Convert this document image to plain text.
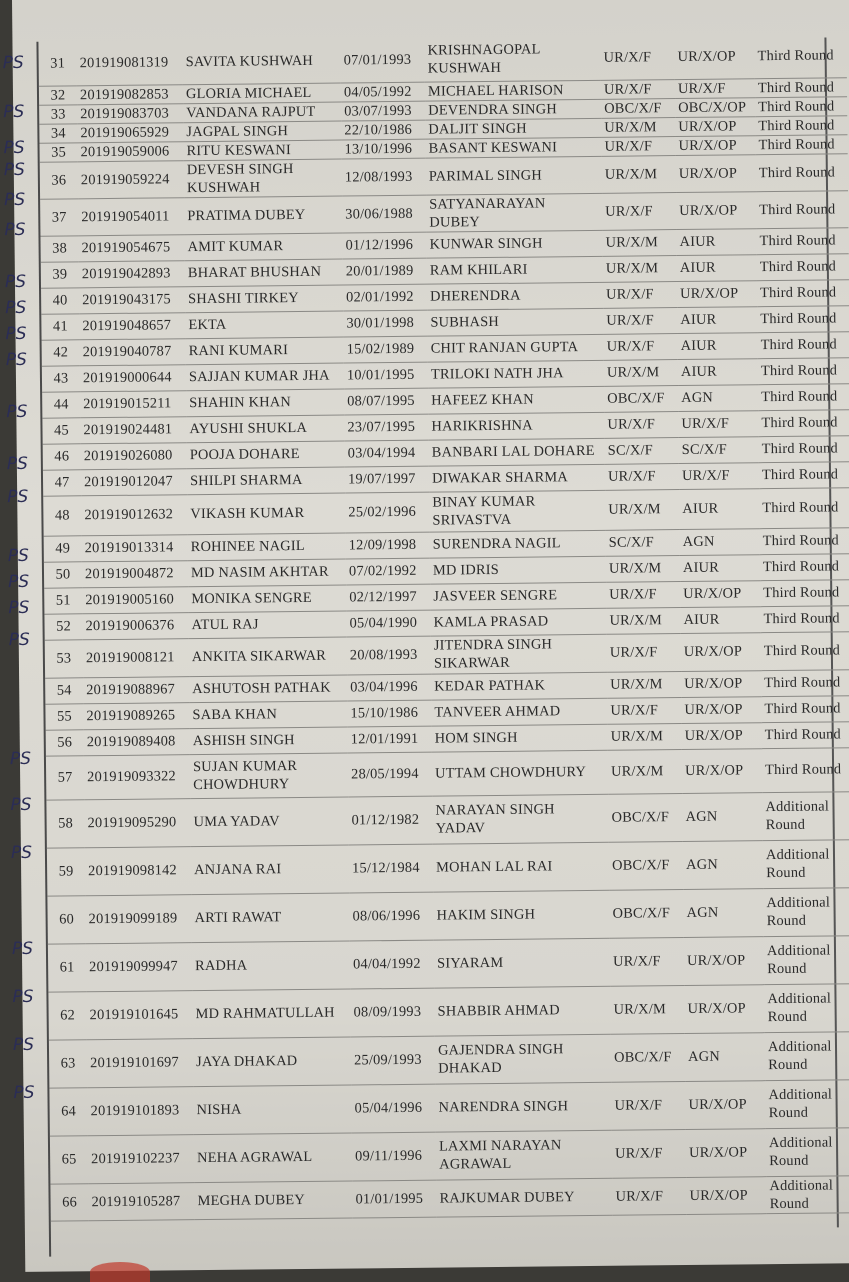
31	201919081319	SAVITA KUSHWAH	07/01/1993	KRISHNAGOPAL KUSHWAH	UR/X/F	UR/X/OP	Third Round
32	201919082853	GLORIA MICHAEL	04/05/1992	MICHAEL HARISON	UR/X/F	UR/X/F	Third Round
33	201919083703	VANDANA RAJPUT	03/07/1993	DEVENDRA SINGH	OBC/X/F	OBC/X/OP	Third Round
34	201919065929	JAGPAL SINGH	22/10/1986	DALJIT SINGH	UR/X/M	UR/X/OP	Third Round
35	201919059006	RITU KESWANI	13/10/1996	BASANT KESWANI	UR/X/F	UR/X/OP	Third Round
36	201919059224	DEVESH SINGH KUSHWAH	12/08/1993	PARIMAL SINGH	UR/X/M	UR/X/OP	Third Round
37	201919054011	PRATIMA DUBEY	30/06/1988	SATYANARAYAN DUBEY	UR/X/F	UR/X/OP	Third Round
38	201919054675	AMIT KUMAR	01/12/1996	KUNWAR SINGH	UR/X/M	AIUR	Third Round
39	201919042893	BHARAT BHUSHAN	20/01/1989	RAM KHILARI	UR/X/M	AIUR	Third Round
40	201919043175	SHASHI TIRKEY	02/01/1992	DHERENDRA	UR/X/F	UR/X/OP	Third Round
41	201919048657	EKTA	30/01/1998	SUBHASH	UR/X/F	AIUR	Third Round
42	201919040787	RANI KUMARI	15/02/1989	CHIT RANJAN GUPTA	UR/X/F	AIUR	Third Round
43	201919000644	SAJJAN KUMAR JHA	10/01/1995	TRILOKI NATH JHA	UR/X/M	AIUR	Third Round
44	201919015211	SHAHIN KHAN	08/07/1995	HAFEEZ KHAN	OBC/X/F	AGN	Third Round
45	201919024481	AYUSHI SHUKLA	23/07/1995	HARIKRISHNA	UR/X/F	UR/X/F	Third Round
46	201919026080	POOJA DOHARE	03/04/1994	BANBARI LAL DOHARE	SC/X/F	SC/X/F	Third Round
47	201919012047	SHILPI SHARMA	19/07/1997	DIWAKAR SHARMA	UR/X/F	UR/X/F	Third Round
48	201919012632	VIKASH KUMAR	25/02/1996	BINAY KUMAR SRIVASTVA	UR/X/M	AIUR	Third Round
49	201919013314	ROHINEE NAGIL	12/09/1998	SURENDRA NAGIL	SC/X/F	AGN	Third Round
50	201919004872	MD NASIM AKHTAR	07/02/1992	MD IDRIS	UR/X/M	AIUR	Third Round
51	201919005160	MONIKA SENGRE	02/12/1997	JASVEER SENGRE	UR/X/F	UR/X/OP	Third Round
52	201919006376	ATUL RAJ	05/04/1990	KAMLA PRASAD	UR/X/M	AIUR	Third Round
53	201919008121	ANKITA SIKARWAR	20/08/1993	JITENDRA SINGH SIKARWAR	UR/X/F	UR/X/OP	Third Round
54	201919088967	ASHUTOSH PATHAK	03/04/1996	KEDAR PATHAK	UR/X/M	UR/X/OP	Third Round
55	201919089265	SABA KHAN	15/10/1986	TANVEER AHMAD	UR/X/F	UR/X/OP	Third Round
56	201919089408	ASHISH SINGH	12/01/1991	HOM SINGH	UR/X/M	UR/X/OP	Third Round
57	201919093322	SUJAN KUMAR CHOWDHURY	28/05/1994	UTTAM CHOWDHURY	UR/X/M	UR/X/OP	Third Round
58	201919095290	UMA YADAV	01/12/1982	NARAYAN SINGH YADAV	OBC/X/F	AGN	Additional Round
59	201919098142	ANJANA RAI	15/12/1984	MOHAN LAL RAI	OBC/X/F	AGN	Additional Round
60	201919099189	ARTI RAWAT	08/06/1996	HAKIM SINGH	OBC/X/F	AGN	Additional Round
61	201919099947	RADHA	04/04/1992	SIYARAM	UR/X/F	UR/X/OP	Additional Round
62	201919101645	MD RAHMATULLAH	08/09/1993	SHABBIR AHMAD	UR/X/M	UR/X/OP	Additional Round
63	201919101697	JAYA DHAKAD	25/09/1993	GAJENDRA SINGH DHAKAD	OBC/X/F	AGN	Additional Round
64	201919101893	NISHA	05/04/1996	NARENDRA SINGH	UR/X/F	UR/X/OP	Additional Round
65	201919102237	NEHA AGRAWAL	09/11/1996	LAXMI NARAYAN AGRAWAL	UR/X/F	UR/X/OP	Additional Round
66	201919105287	MEGHA DUBEY	01/01/1995	RAJKUMAR DUBEY	UR/X/F	UR/X/OP	Additional Round
PS
PS
PS
PS
PS
PS
PS
PS
PS
PS
PS
PS
PS
PS
PS
PS
PS
PS
PS
PS
PS
PS
PS
PS
